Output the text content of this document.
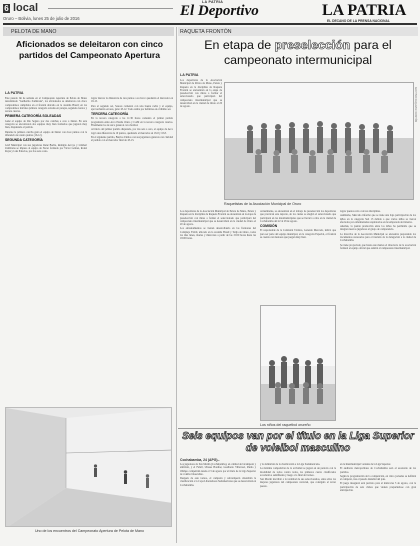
6 local
Oruro – Bolivia, lunes 25 de julio de 2016
LA PATRIA
El Deportivo	LA PATRIA
EL DECANO DE LA PRENSA NACIONAL
PELOTA DE MANO
Aficionados se deleitaron con cinco partidos del Campeonato Apertura
LA PATRIA

Este pasado fin de semana en el Campeonato Apertura de Pelota de Mano denominado "Guillermo Zambrana", los aficionados se deleitaron con cinco compromisos cumplidos en el frontón ubicado en la avenida Brasil; en los compromisos iniciales primera categoría soladas en parejas, segunda cuartos y tercera cuartos.

PRIMERA CATEGORÍA SOLEADAS

Gané el equipo de Rio Seguro por dos canchas a cero a Denar. En esta categoría se encontraron dos equipos muy bien formados que jugaron muy bien, disputando el partido.

Durante la primera cancha ganó el equipo de Denar con doce puntos con la diferencia de cuatro puntos (16-12).

SEGUNDA CATEGORÍA

GAT Municipal con sus jugadores René Bacha, Remigio Arroyo y Limbert Zambrana se impuso al equipo de Nacer formado por Victor Gómez, Ronal Rojas y Luis Palacios, por dos sets a uno.

lograr marcar la diferencia de tres puntos a su favor quedando el marcador en 18-15.

Para el segundo set, Sauces comenzó con una buena racha y el equipo, aprovechando errores, ganó 18-12. Todo estaba por definirse en el último set.

TERCERA CATEGORÍA

En la tercera categoría a las 11:30 horas comenzó el primer partido programado entre Arco Pierde Oruro y CAM en la tercera categoría cuartos. Finalmente los de Arco ganaron con claridad.

Al inicio del primer partido disputado, por dos sets a cero, el equipo de Arco logró una diferencia de 10 puntos, quedando el marcador en 18-8 y 18-8.

En el siguiente partido, Barrios Unidos con sus jugadores ganaron con claridad el partido con el marcador final de 18-13.

Uno de los encuentros del Campeonato Apertura de Pelota de Mano
RAQUETA FRONTÓN
En etapa de preselección para el campeonato intermunicipal
LA PATRIA

Los deportistas de la Asociación Municipal de Pelota de Mano, Paleta y Raqueta en la disciplina de Raqueta Frontón se encuentran en la etapa de preselección con miras a formar el seleccionado que participará del campeonato intermunicipal que se desarrollará en la ciudad de Oruro el 20 de agosto.

Raquetistas de la Asociación Municipal de Oruro
ARCHIVO RAQUETA FRONTÓN

Los deportistas de la Asociación Municipal de Pelota de Mano, Paleta y Raqueta en la disciplina de Raqueta Frontón se encuentran en la etapa de preselección con miras a formar el seleccionado que participará del campeonato intermunicipal que se desarrollará en la ciudad de Oruro el 20 de agosto.

Los entrenamientos se vienen desarrollando en los frontones del Complejo Fabril, ubicado en la avenida Brasil y Tarija de Oruro, todos los días lunes, martes y miércoles a partir de las 15:00 horas hasta las 18:00 horas.

Actualmente, se encuentran en el trabajo de preselección los deportistas que practican este deporte, de los cuales se elegirá el seleccionado que participará en los intermunicipales que se llevará a cabo en la ciudad de Cochabamba del 22 al 28 de agosto.

COMISIÓN

El responsable de la Comisión Técnica, Gonzalo Mercado, indicó que para ser parte del equipo municipal, en la categoría Especial, el frontón se cuenta con menores que juegan muy bien.

lograr puestos sólo con tres disciplinas.

Asimismo, Mercado informó que se tiene una baja participación de los niños en la categoría Sub 13 debido a que varios niños se vieron afectados por enfermedades respiratorias en la temporada de invierno.

Además, la pasión promovida entre los niños ha permitido que se integren nuevos jugadores al grupo de competencia.

La directiva de la Asociación Municipal se encuentra preparando los documentos necesarios para el traslado de la delegación a la ciudad de Cochabamba.

Se tiene proyectado que hasta este martes el directorio de la asociación formará el equipo oficial que asistirá al campeonato intermunicipal.

Los niños del raquetbol orureño
Seis equipos van por el título en la Liga Superior de voleibol masculino
Cochabamba, 24 (APG).-

Los jugadores de San Martín (Cochabamba), en calidad de bicampeón y anfitrión, y el Fabril, Ulisses Bonifaz, Gualberto Villarroel, Pando y Olimpo competirán desde el 3 de agosto por el título de la Liga Superior de voleibol masculino.

Después de este torneo, el campeón y subcampeón obtendrán la clasificación a la Copa Libertadores Sudamericana que se desarrollará en Cochabamba.

y la definición de la clasificación a la Liga Sudamericana.

La máxima competición de la actividad se jugará en un periodo con la modalidad de todos contra todos, los primeros cuatro clasificados accederán a semifinales y luego a la final del torneo.

San Martín inscribió a la totalidad de sus seleccionados, entre ellos los mejores jugadores del campeonato nacional, que consiguió el tercer puesto.

en la Intermunicipal variante de la Liga Superior.

El auditorio metropolitano de Cochabamba será el escenario de los partidos.

Según la programación de la competición, en cinco jornadas se definirá al campeón, tras el pasado mundial del país.

El juego inaugural está previsto para el miércoles 3 de agosto, con la participación de seis clubes que vienen preparándose con gran anticipación.
